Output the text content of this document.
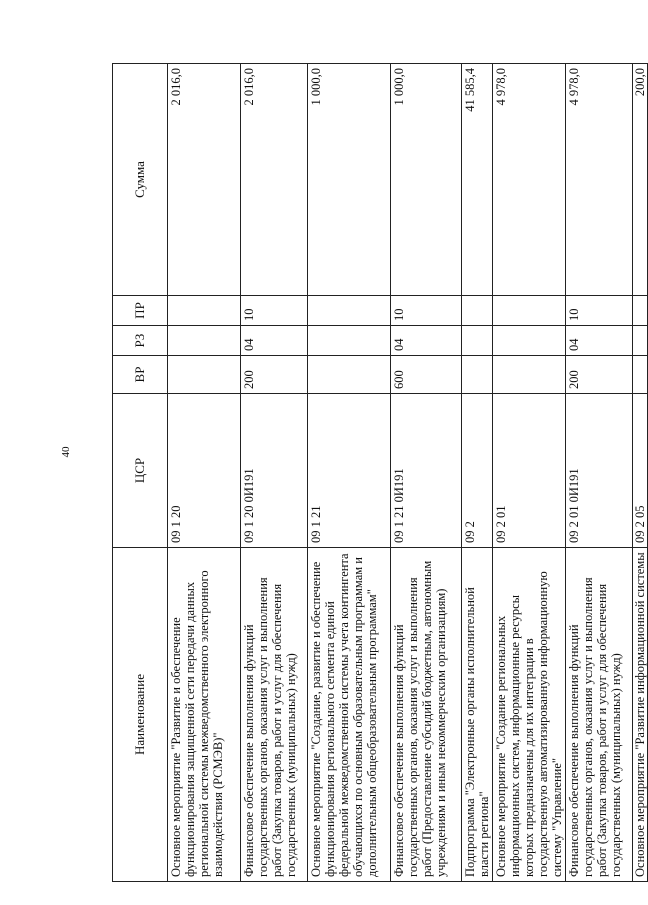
40
Наименование	ЦСР	ВР	РЗ	ПР	Сумма
Основное мероприятие "Развитие и обеспечение функционирования защищенной сети передачи данных региональной системы межведомственного электронного взаимодействия (РСМЭВ)"	09 1 20				2 016,0
Финансовое обеспечение выполнения функций государственных органов, оказания услуг и выполнения работ (Закупка товаров, работ и услуг для обеспечения государственных (муниципальных) нужд)	09 1 20 0И191	200	04	10	2 016,0
Основное мероприятие "Создание, развитие и обеспечение функционирования регионального сегмента единой федеральной межведомственной системы учета контингента обучающихся по основным образовательным программам и дополнительным общеобразовательным программам"	09 1 21				1 000,0
Финансовое обеспечение выполнения функций государственных органов, оказания услуг и выполнения работ (Предоставление субсидий бюджетным, автономным учреждениям и иным некоммерческим организациям)	09 1 21 0И191	600	04	10	1 000,0
Подпрограмма "Электронные органы исполнительной власти региона"	09 2				41 585,4
Основное мероприятие "Создание региональных информационных систем, информационные ресурсы которых предназначены для их интеграции в государственную автоматизированную информационную систему "Управление"	09 2 01				4 978,0
Финансовое обеспечение выполнения функций государственных органов, оказания услуг и выполнения работ (Закупка товаров, работ и услуг для обеспечения государственных (муниципальных) нужд)	09 2 01 0И191	200	04	10	4 978,0
Основное мероприятие "Развитие информационной системы	09 2 05				200,0
